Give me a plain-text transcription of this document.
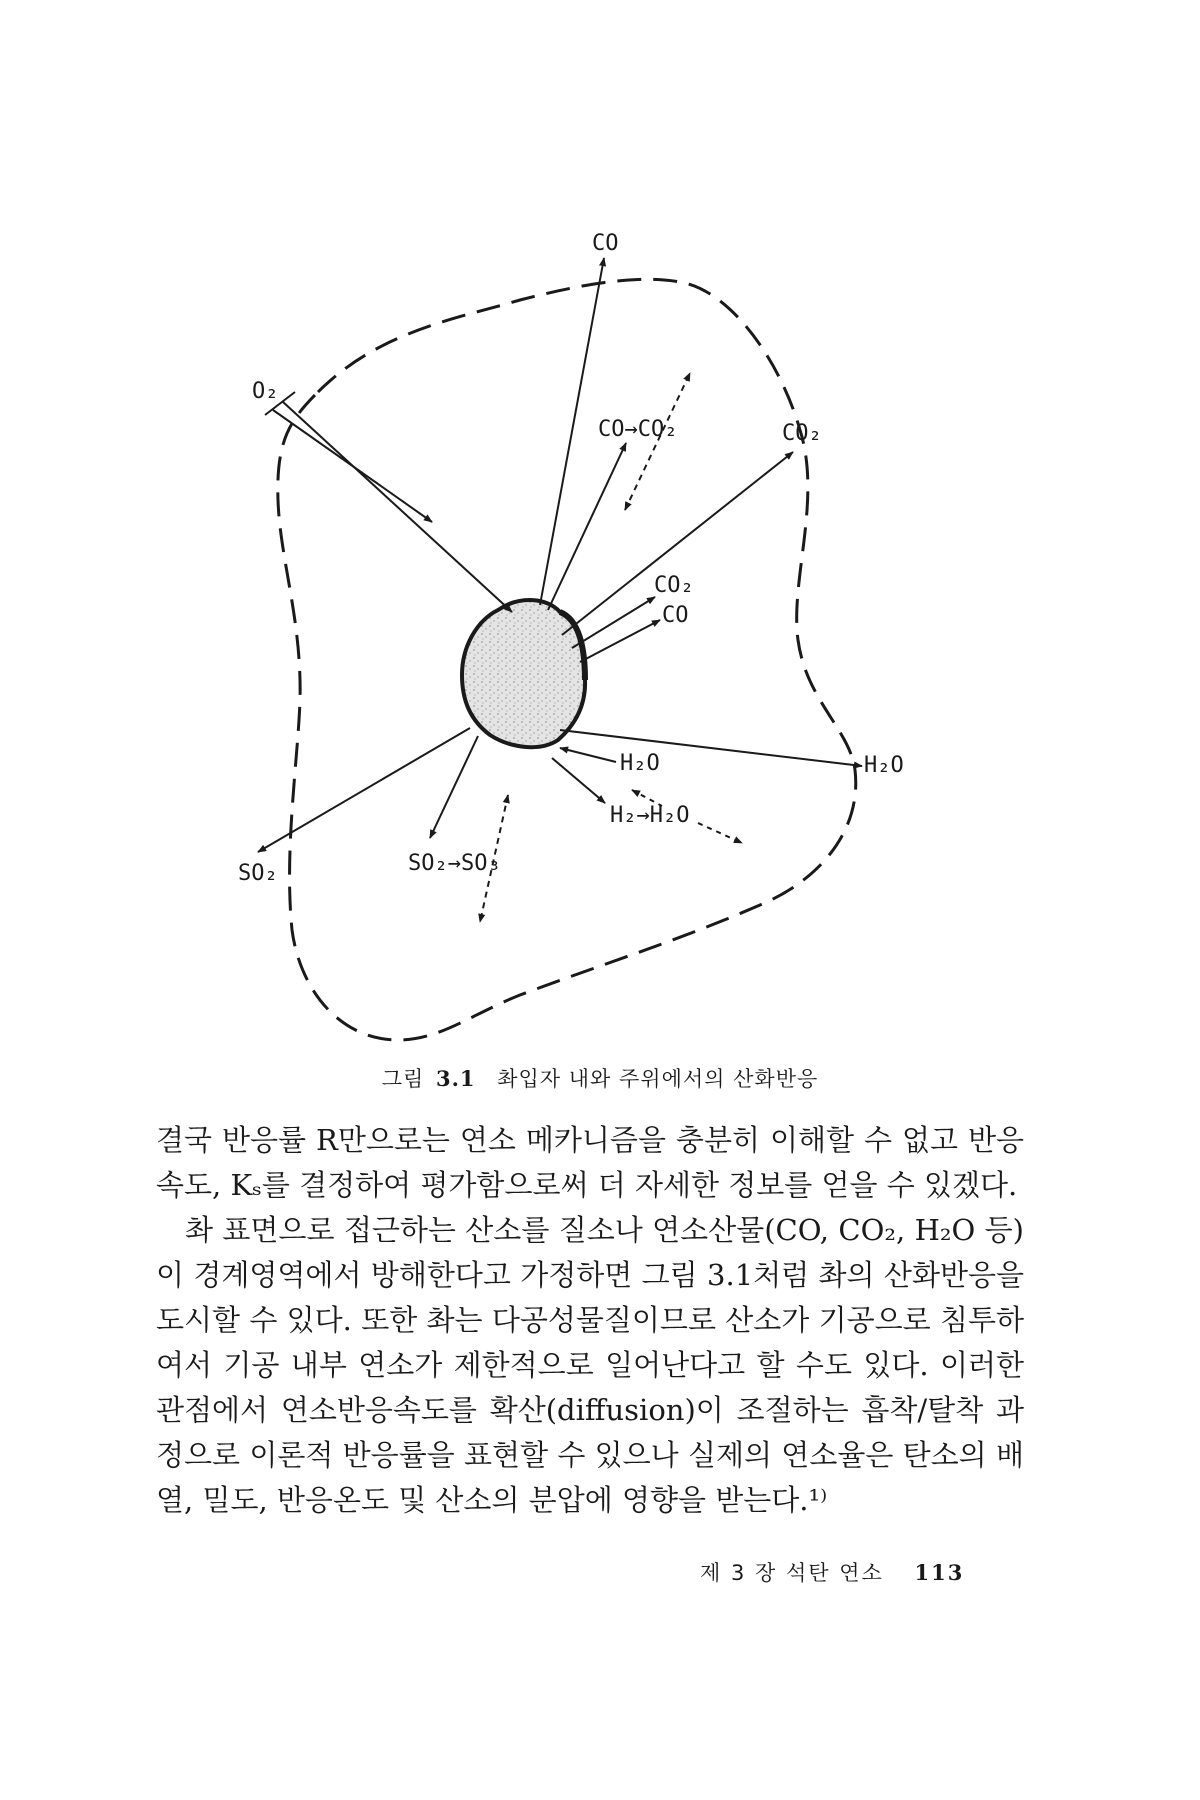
CO
O₂
CO→CO₂	CO₂
CO₂
CO
H₂O	H₂O
H₂→H₂O
SO₂	SO₂→SO₃
그림 3.1 촤입자 내와 주위에서의 산화반응

결국 반응률 R만으로는 연소 메카니즘을 충분히 이해할 수 없고 반응속도, Kₛ를 결정하여 평가함으로써 더 자세한 정보를 얻을 수 있겠다.

촤 표면으로 접근하는 산소를 질소나 연소산물(CO, CO₂, H₂O 등)이 경계영역에서 방해한다고 가정하면 그림 3.1처럼 촤의 산화반응을 도시할 수 있다. 또한 촤는 다공성물질이므로 산소가 기공으로 침투하여서 기공 내부 연소가 제한적으로 일어난다고 할 수도 있다. 이러한 관점에서 연소반응속도를 확산(diffusion)이 조절하는 흡착/탈착 과정으로 이론적 반응률을 표현할 수 있으나 실제의 연소율은 탄소의 배열, 밀도, 반응온도 및 산소의 분압에 영향을 받는다.¹⁾

제 3 장 석탄 연소 113
